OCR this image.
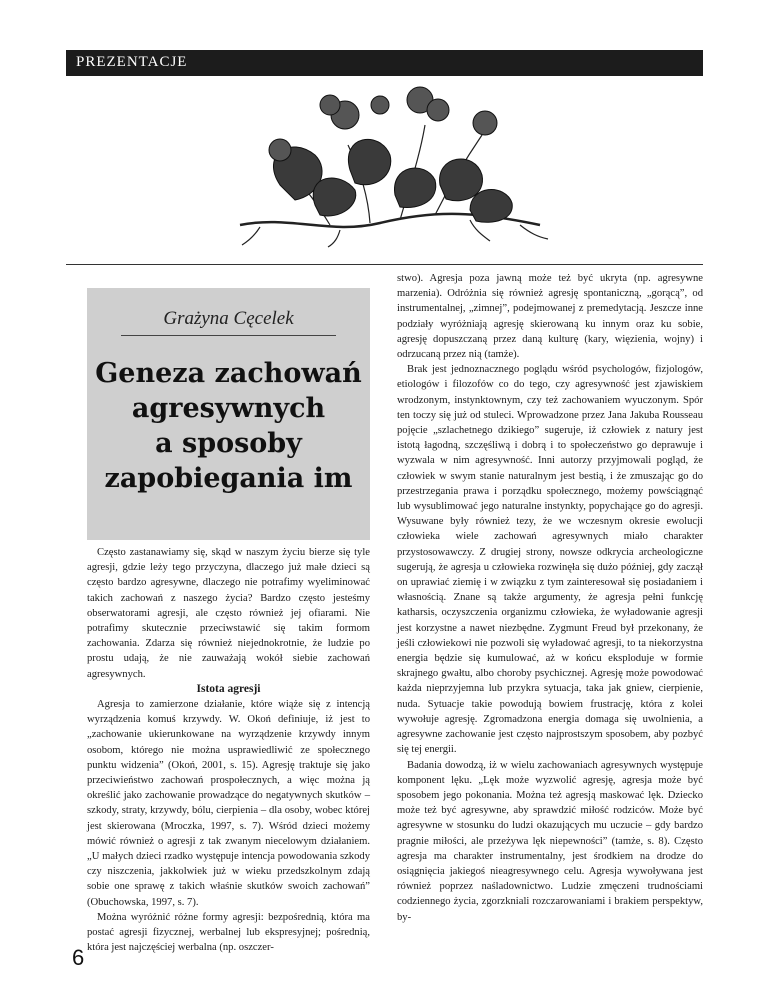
PREZENTACJE
Grażyna Cęcelek
Geneza zachowań
agresywnych
a sposoby
zapobiegania im

Często zastanawiamy się, skąd w naszym życiu bierze się tyle agresji, gdzie leży tego przyczyna, dlaczego już małe dzieci są często bardzo agresywne, dlaczego nie potrafimy wyeliminować takich zachowań z naszego życia? Bardzo często jesteśmy obserwatorami agresji, ale często również jej ofiarami. Nie potrafimy skutecznie przeciwstawić się takim formom zachowania. Zdarza się również niejednokrotnie, że ludzie po prostu udają, że nie zauważają wokół siebie zachowań agresywnych.

Istota agresji

Agresja to zamierzone działanie, które wiąże się z intencją wyrządzenia komuś krzywdy. W. Okoń definiuje, iż jest to „zachowanie ukierunkowane na wyrządzenie krzywdy innym osobom, którego nie można usprawiedliwić ze społecznego punktu widzenia” (Okoń, 2001, s. 15). Agresję traktuje się jako przeciwieństwo zachowań prospołecznych, a więc można ją określić jako zachowanie prowadzące do negatywnych skutków – szkody, straty, krzywdy, bólu, cierpienia – dla osoby, wobec której jest skierowana (Mroczka, 1997, s. 7). Wśród dzieci możemy mówić również o agresji z tak zwanym niecelowym działaniem. „U małych dzieci rzadko występuje intencja powodowania szkody czy niszczenia, jakkolwiek już w wieku przedszkolnym zdają sobie one sprawę z takich właśnie skutków swoich zachowań” (Obuchowska, 1997, s. 7).

Można wyróżnić różne formy agresji: bezpośrednią, która ma postać agresji fizycznej, werbalnej lub ekspresyjnej; pośrednią, która jest najczęściej werbalna (np. oszczer-

stwo). Agresja poza jawną może też być ukryta (np. agresywne marzenia). Odróżnia się również agresję spontaniczną, „gorącą”, od instrumentalnej, „zimnej”, podejmowanej z premedytacją. Jeszcze inne podziały wyróżniają agresję skierowaną ku innym oraz ku sobie, agresję dopuszczaną przez daną kulturę (kary, więzienia, wojny) i odrzucaną przez nią (tamże).

Brak jest jednoznacznego poglądu wśród psychologów, fizjologów, etiologów i filozofów co do tego, czy agresywność jest zjawiskiem wrodzonym, instynktownym, czy też zachowaniem wyuczonym. Spór ten toczy się już od stuleci. Wprowadzone przez Jana Jakuba Rousseau pojęcie „szlachetnego dzikiego” sugeruje, iż człowiek z natury jest istotą łagodną, szczęśliwą i dobrą i to społeczeństwo go deprawuje i wyzwala w nim agresywność. Inni autorzy przyjmowali pogląd, że człowiek w swym stanie naturalnym jest bestią, i że zmuszając go do przestrzegania prawa i porządku społecznego, możemy powściągnąć lub wysublimować jego naturalne instynkty, popychające go do agresji. Wysuwane były również tezy, że we wczesnym okresie ewolucji człowieka wiele zachowań agresywnych miało charakter przystosowawczy. Z drugiej strony, nowsze odkrycia archeologiczne sugerują, że agresja u człowieka rozwinęła się dużo później, gdy zaczął on uprawiać ziemię i w związku z tym zainteresował się posiadaniem i własnością. Znane są także argumenty, że agresja pełni funkcję katharsis, oczyszczenia organizmu człowieka, że wyładowanie agresji jest korzystne a nawet niezbędne. Zygmunt Freud był przekonany, że jeśli człowiekowi nie pozwoli się wyładować agresji, to ta niekorzystna energia będzie się kumulować, aż w końcu eksploduje w formie skrajnego gwałtu, albo choroby psychicznej. Agresję może powodować każda nieprzyjemna lub przykra sytuacja, taka jak gniew, cierpienie, nuda. Sytuacje takie powodują bowiem frustrację, która z kolei wywołuje agresję. Zgromadzona energia domaga się uwolnienia, a agresywne zachowanie jest często najprostszym sposobem, aby pozbyć się tej energii.

Badania dowodzą, iż w wielu zachowaniach agresywnych występuje komponent lęku. „Lęk może wyzwolić agresję, agresja może być sposobem jego pokonania. Można też agresją maskować lęk. Dziecko może też być agresywne, aby sprawdzić miłość rodziców. Może być agresywne w stosunku do ludzi okazujących mu uczucie – gdy bardzo pragnie miłości, ale przeżywa lęk niepewności” (tamże, s. 8). Często agresja ma charakter instrumentalny, jest środkiem na drodze do osiągnięcia jakiegoś nieagresywnego celu. Agresja wywoływana jest również poprzez naśladownictwo. Ludzie zmęczeni trudnościami codziennego życia, zgorzkniali rozczarowaniami i brakiem perspektyw, by-

6
